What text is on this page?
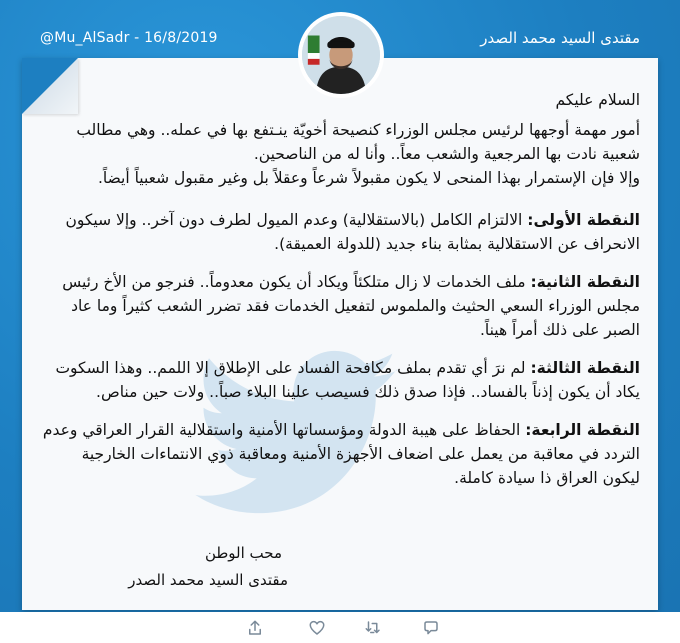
@Mu_AlSadr - 16/8/2019	مقتدى السيد محمد الصدر

السلام عليكم

أمور مهمة أوجهها لرئيس مجلس الوزراء كنصيحة أخويّة ينـتفع بها في عمله.. وهي مطالب شعبية نادت بها المرجعية والشعب معاً.. وأنا له من الناصحين.

وإلا فإن الإستمرار بهذا المنحى لا يكون مقبولاً شرعاً وعقلاً بل وغير مقبول شعبياً أيضاً.

النقطة الأولى: الالتزام الكامل (بالاستقلالية) وعدم الميول لطرف دون آخر.. وإلا سيكون الانحراف عن الاستقلالية بمثابة بناء جديد (للدولة العميقة).

النقطة الثانية: ملف الخدمات لا زال متلكئاً ويكاد أن يكون معدوماً.. فنرجو من الأخ رئيس مجلس الوزراء السعي الحثيث والملموس لتفعيل الخدمات فقد تضرر الشعب كثيراً وما عاد الصبر على ذلك أمراً هيناً.

النقطة الثالثة: لم نرَ أي تقدم بملف مكافحة الفساد على الإطلاق إلا اللمم.. وهذا السكوت يكاد أن يكون إذناً بالفساد.. فإذا صدق ذلك فسيصب علينا البلاء صباً.. ولات حين مناص.

النقطة الرابعة: الحفاظ على هيبة الدولة ومؤسساتها الأمنية واستقلالية القرار العراقي وعدم التردد في معاقبة من يعمل على اضعاف الأجهزة الأمنية ومعاقبة ذوي الانتماءات الخارجية ليكون العراق ذا سيادة كاملة.

محب الوطن
مقتدى السيد محمد الصدر
